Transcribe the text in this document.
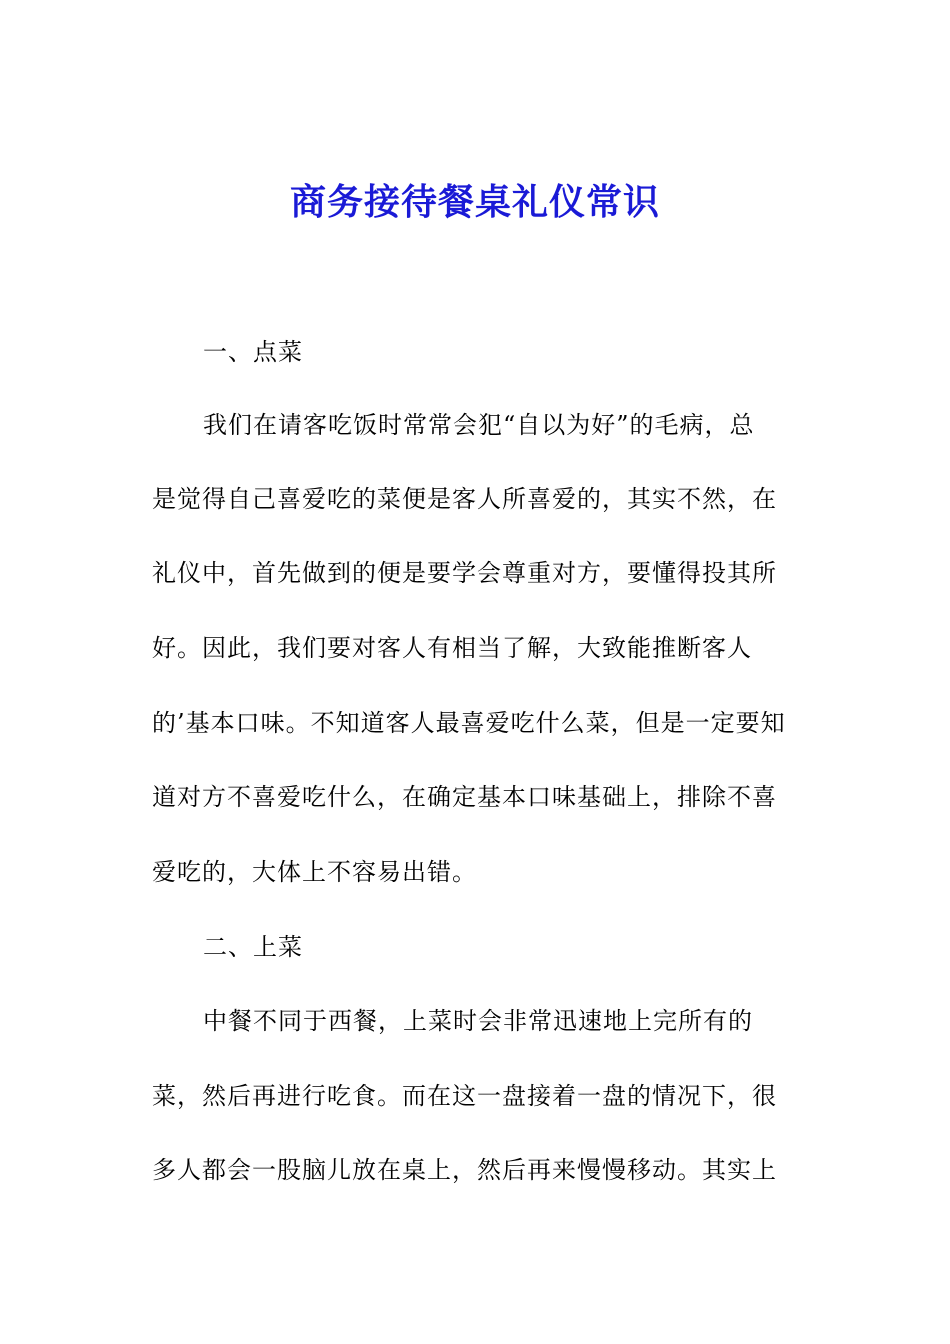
商务接待餐桌礼仪常识
一、点菜
我们在请客吃饭时常常会犯“自以为好”的毛病，总
是觉得自己喜爱吃的菜便是客人所喜爱的，其实不然，在
礼仪中，首先做到的便是要学会尊重对方，要懂得投其所
好。因此，我们要对客人有相当了解，大致能推断客人
的’基本口味。不知道客人最喜爱吃什么菜，但是一定要知
道对方不喜爱吃什么，在确定基本口味基础上，排除不喜
爱吃的，大体上不容易出错。
二、上菜
中餐不同于西餐，上菜时会非常迅速地上完所有的
菜，然后再进行吃食。而在这一盘接着一盘的情况下，很
多人都会一股脑儿放在桌上，然后再来慢慢移动。其实上
